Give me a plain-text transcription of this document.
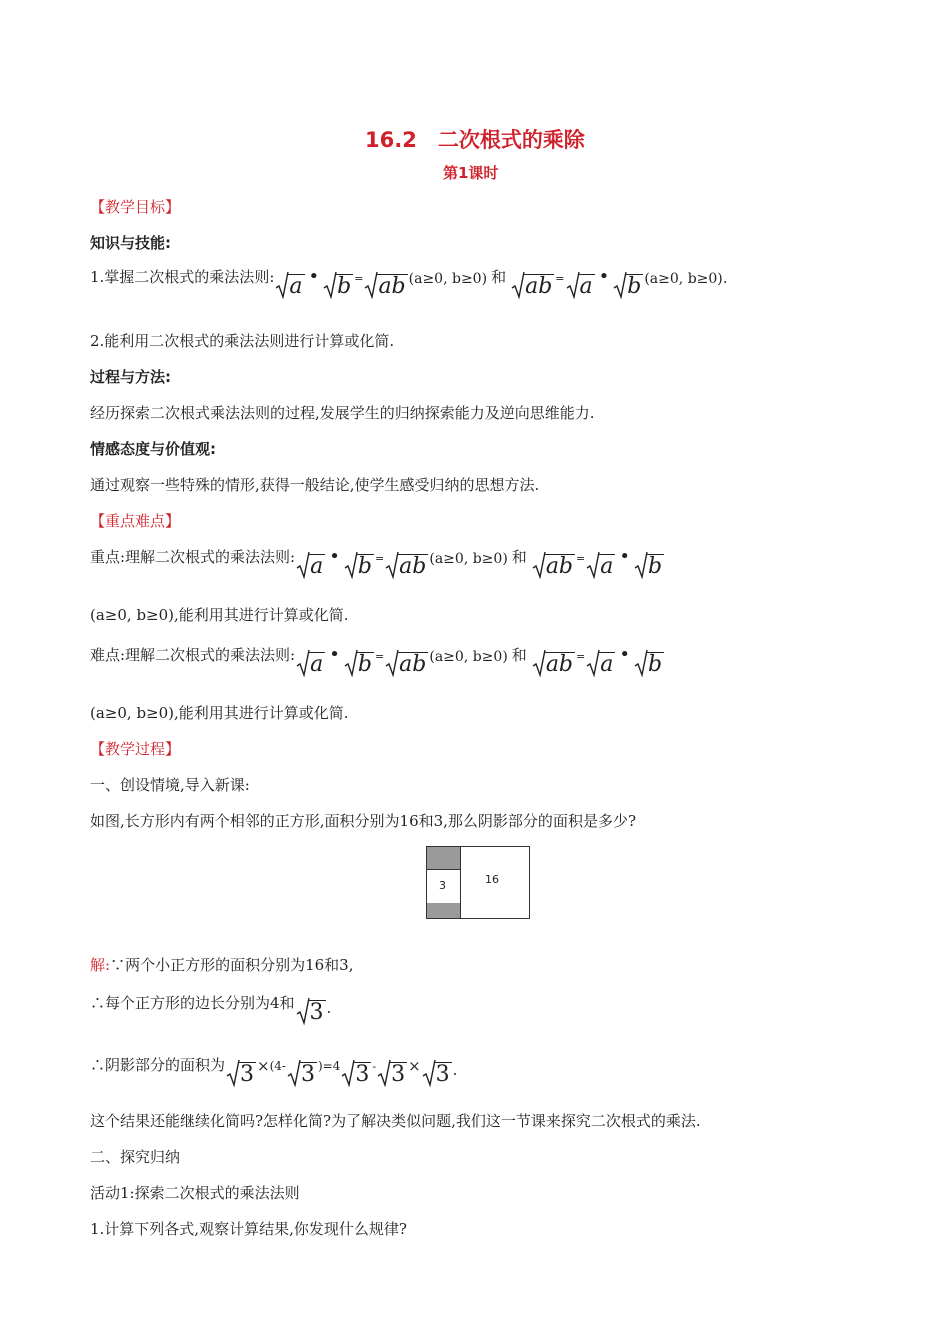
16.2　二次根式的乘除
第1课时
【教学目标】
知识与技能:
1.掌握二次根式的乘法法则: a • b = ab (a≥0, b≥0) 和 ab = a • b (a≥0, b≥0) .
2.能利用二次根式的乘法法则进行计算或化简.
过程与方法:
经历探索二次根式乘法法则的过程,发展学生的归纳探索能力及逆向思维能力.
情感态度与价值观:
通过观察一些特殊的情形,获得一般结论,使学生感受归纳的思想方法.
【重点难点】
重点:理解二次根式的乘法法则: a • b = ab (a≥0, b≥0) 和 ab = a • b
(a≥0, b≥0),能利用其进行计算或化简.
难点:理解二次根式的乘法法则: a • b = ab (a≥0, b≥0) 和 ab = a • b
(a≥0, b≥0),能利用其进行计算或化简.
【教学过程】
一、创设情境,导入新课:
如图,长方形内有两个相邻的正方形,面积分别为16和3,那么阴影部分的面积是多少?
3	16
解:∵两个小正方形的面积分别为16和3,
∴每个正方形的边长分别为4和 3 .
∴阴影部分的面积为 3 × (4- 3 )=4 3 - 3 × 3 .
这个结果还能继续化简吗?怎样化简?为了解决类似问题,我们这一节课来探究二次根式的乘法.
二、探究归纳
活动1:探索二次根式的乘法法则
1.计算下列各式,观察计算结果,你发现什么规律?
